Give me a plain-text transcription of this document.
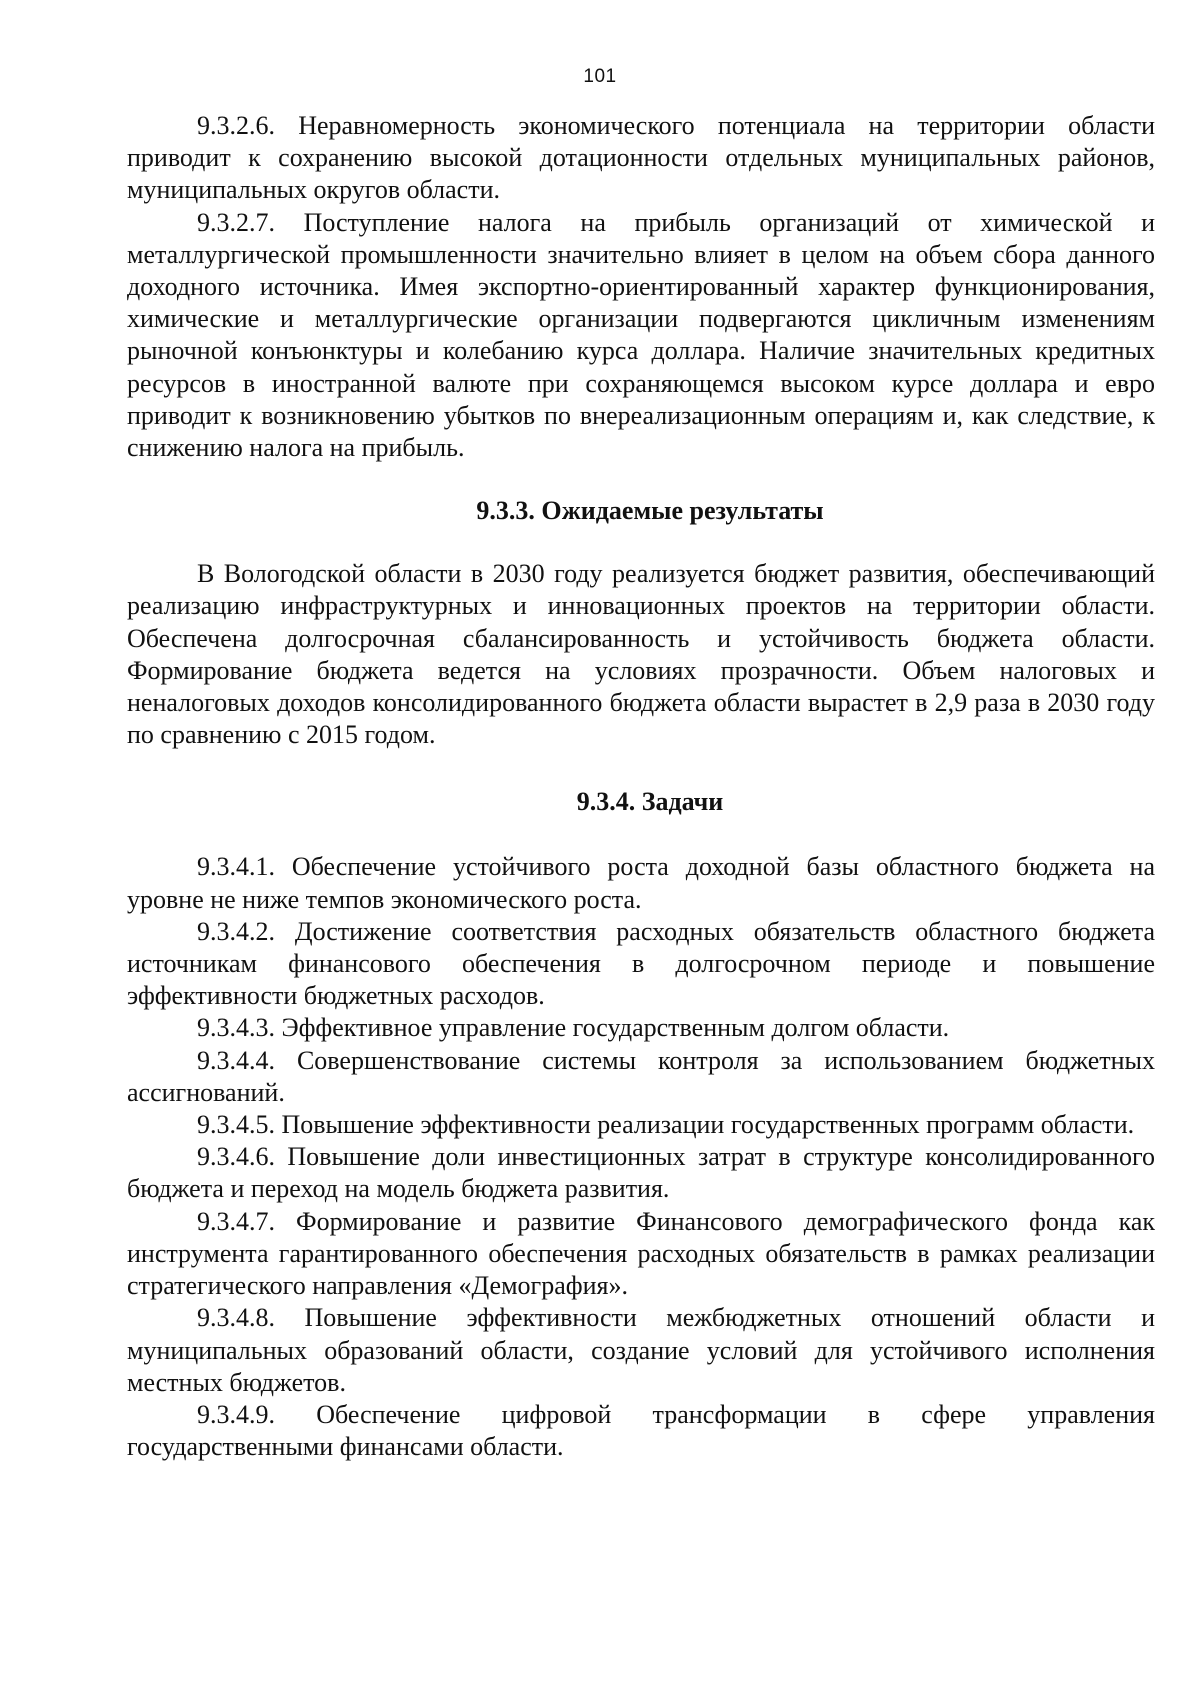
101

9.3.2.6. Неравномерность экономического потенциала на территории области приводит к сохранению высокой дотационности отдельных муниципальных районов, муниципальных округов области.

9.3.2.7. Поступление налога на прибыль организаций от химической и металлургической промышленности значительно влияет в целом на объем сбора данного доходного источника. Имея экспортно-ориентированный характер функционирования, химические и металлургические организации подвергаются цикличным изменениям рыночной конъюнктуры и колебанию курса доллара. Наличие значительных кредитных ресурсов в иностранной валюте при сохраняющемся высоком курсе доллара и евро приводит к возникновению убытков по внереализационным операциям и, как следствие, к снижению налога на прибыль.

9.3.3. Ожидаемые результаты

В Вологодской области в 2030 году реализуется бюджет развития, обеспечивающий реализацию инфраструктурных и инновационных проектов на территории области. Обеспечена долгосрочная сбалансированность и устойчивость бюджета области. Формирование бюджета ведется на условиях прозрачности. Объем налоговых и неналоговых доходов консолидированного бюджета области вырастет в 2,9 раза в 2030 году по сравнению с 2015 годом.

9.3.4. Задачи

9.3.4.1. Обеспечение устойчивого роста доходной базы областного бюджета на уровне не ниже темпов экономического роста.

9.3.4.2. Достижение соответствия расходных обязательств областного бюджета источникам финансового обеспечения в долгосрочном периоде и повышение эффективности бюджетных расходов.

9.3.4.3. Эффективное управление государственным долгом области.

9.3.4.4. Совершенствование системы контроля за использованием бюджетных ассигнований.

9.3.4.5. Повышение эффективности реализации государственных программ области.

9.3.4.6. Повышение доли инвестиционных затрат в структуре консолидированного бюджета и переход на модель бюджета развития.

9.3.4.7. Формирование и развитие Финансового демографического фонда как инструмента гарантированного обеспечения расходных обязательств в рамках реализации стратегического направления «Демография».

9.3.4.8. Повышение эффективности межбюджетных отношений области и муниципальных образований области, создание условий для устойчивого исполнения местных бюджетов.

9.3.4.9. Обеспечение цифровой трансформации в сфере управления государственными финансами области.
